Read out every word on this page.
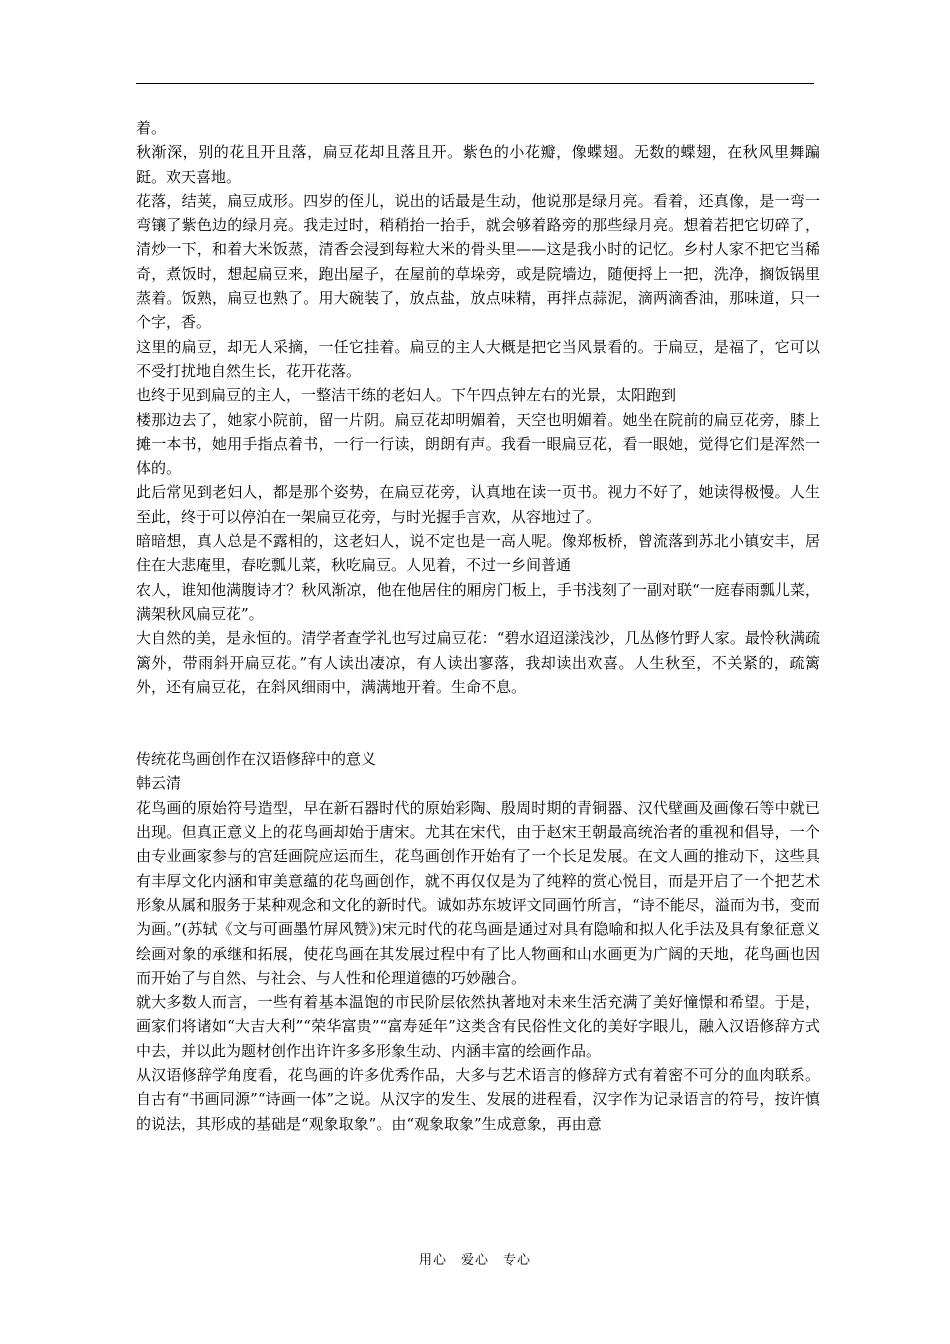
着。

秋渐深，别的花且开且落，扁豆花却且落且开。紫色的小花瓣，像蝶翅。无数的蝶翅，在秋风里舞蹁跹。欢天喜地。

花落，结荚，扁豆成形。四岁的侄儿，说出的话最是生动，他说那是绿月亮。看着，还真像，是一弯一弯镶了紫色边的绿月亮。我走过时，稍稍抬一抬手，就会够着路旁的那些绿月亮。想着若把它切碎了，清炒一下，和着大米饭蒸，清香会浸到每粒大米的骨头里——这是我小时的记忆。乡村人家不把它当稀奇，煮饭时，想起扁豆来，跑出屋子，在屋前的草垛旁，或是院墙边，随便捋上一把，洗净，搁饭锅里蒸着。饭熟，扁豆也熟了。用大碗装了，放点盐，放点味精，再拌点蒜泥，滴两滴香油，那味道，只一个字，香。

这里的扁豆，却无人采摘，一任它挂着。扁豆的主人大概是把它当风景看的。于扁豆，是福了，它可以不受打扰地自然生长，花开花落。

也终于见到扁豆的主人，一整洁干练的老妇人。下午四点钟左右的光景，太阳跑到

楼那边去了，她家小院前，留一片阴。扁豆花却明媚着，天空也明媚着。她坐在院前的扁豆花旁，膝上摊一本书，她用手指点着书，一行一行读，朗朗有声。我看一眼扁豆花，看一眼她，觉得它们是浑然一体的。

此后常见到老妇人，都是那个姿势，在扁豆花旁，认真地在读一页书。视力不好了，她读得极慢。人生至此，终于可以停泊在一架扁豆花旁，与时光握手言欢，从容地过了。

暗暗想，真人总是不露相的，这老妇人，说不定也是一高人呢。像郑板桥，曾流落到苏北小镇安丰，居住在大悲庵里，春吃瓢儿菜，秋吃扁豆。人见着，不过一乡间普通

农人，谁知他满腹诗才？秋风渐凉，他在他居住的厢房门板上，手书浅刻了一副对联“一庭春雨瓢儿菜，满架秋风扁豆花”。

大自然的美，是永恒的。清学者查学礼也写过扁豆花：“碧水迢迢漾浅沙，几丛修竹野人家。最怜秋满疏篱外，带雨斜开扁豆花。”有人读出凄凉，有人读出寥落，我却读出欢喜。人生秋至，不关紧的，疏篱外，还有扁豆花，在斜风细雨中，满满地开着。生命不息。

传统花鸟画创作在汉语修辞中的意义

韩云清

花鸟画的原始符号造型，早在新石器时代的原始彩陶、殷周时期的青铜器、汉代壁画及画像石等中就已出现。但真正意义上的花鸟画却始于唐宋。尤其在宋代，由于赵宋王朝最高统治者的重视和倡导，一个由专业画家参与的宫廷画院应运而生，花鸟画创作开始有了一个长足发展。在文人画的推动下，这些具有丰厚文化内涵和审美意蕴的花鸟画创作，就不再仅仅是为了纯粹的赏心悦目，而是开启了一个把艺术形象从属和服务于某种观念和文化的新时代。诚如苏东坡评文同画竹所言，“诗不能尽，溢而为书，变而为画。”(苏轼《文与可画墨竹屏风赞》)宋元时代的花鸟画是通过对具有隐喻和拟人化手法及具有象征意义绘画对象的承继和拓展，使花鸟画在其发展过程中有了比人物画和山水画更为广阔的天地，花鸟画也因而开始了与自然、与社会、与人性和伦理道德的巧妙融合。

就大多数人而言，一些有着基本温饱的市民阶层依然执著地对未来生活充满了美好憧憬和希望。于是，画家们将诸如“大吉大利”“荣华富贵”“富寿延年”这类含有民俗性文化的美好字眼儿，融入汉语修辞方式中去，并以此为题材创作出许许多多形象生动、内涵丰富的绘画作品。

从汉语修辞学角度看，花鸟画的许多优秀作品，大多与艺术语言的修辞方式有着密不可分的血肉联系。自古有“书画同源”“诗画一体”之说。从汉字的发生、发展的进程看，汉字作为记录语言的符号，按许慎的说法，其形成的基础是“观象取象”。由“观象取象”生成意象，再由意

用心　爱心　专心
